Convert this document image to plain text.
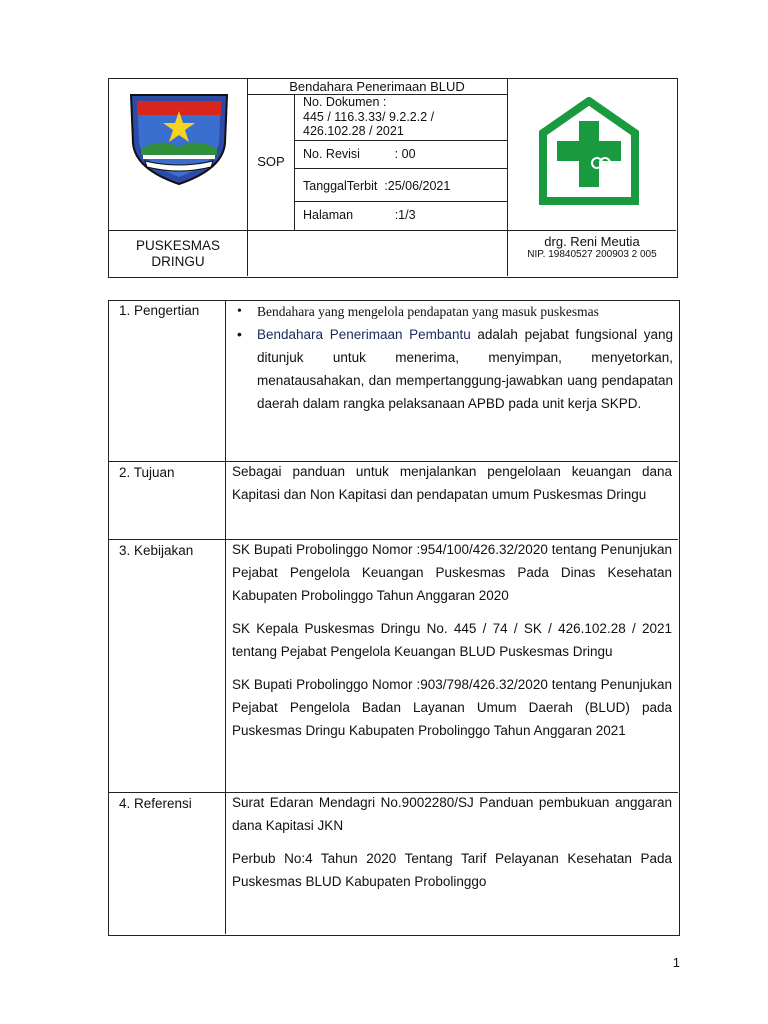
Bendahara Penerimaan BLUD
SOP
No. Dokumen :
445 / 116.3.33/ 9.2.2.2 /
426.102.28 / 2021
No. Revisi          : 00
TanggalTerbit  :25/06/2021
Halaman            :1/3
PUSKESMAS
DRINGU
drg. Reni Meutia
NIP. 19840527 200903 2 005
1. Pengertian
•	Bendahara yang mengelola pendapatan yang masuk puskesmas
• Bendahara Penerimaan Pembantu adalah pejabat fungsional yang ditunjuk untuk menerima, menyimpan, menyetorkan, menatausahakan, dan mempertanggung-jawabkan uang pendapatan daerah dalam rangka pelaksanaan APBD pada unit kerja SKPD.
2. Tujuan	Sebagai panduan untuk menjalankan pengelolaan keuangan dana Kapitasi dan Non Kapitasi dan pendapatan umum Puskesmas Dringu
3. Kebijakan	SK Bupati Probolinggo Nomor :954/100/426.32/2020 tentang Penunjukan Pejabat Pengelola Keuangan Puskesmas Pada Dinas Kesehatan Kabupaten Probolinggo Tahun Anggaran 2020

SK Kepala Puskesmas Dringu No. 445 / 74 / SK / 426.102.28 / 2021 tentang Pejabat Pengelola Keuangan BLUD Puskesmas Dringu

SK Bupati Probolinggo Nomor :903/798/426.32/2020 tentang Penunjukan Pejabat Pengelola Badan Layanan Umum Daerah (BLUD) pada Puskesmas Dringu Kabupaten Probolinggo Tahun Anggaran 2021

4. Referensi	Surat Edaran Mendagri No.9002280/SJ Panduan pembukuan anggaran dana Kapitasi JKN

Perbub No:4 Tahun 2020 Tentang Tarif Pelayanan Kesehatan Pada Puskesmas BLUD Kabupaten Probolinggo

1
